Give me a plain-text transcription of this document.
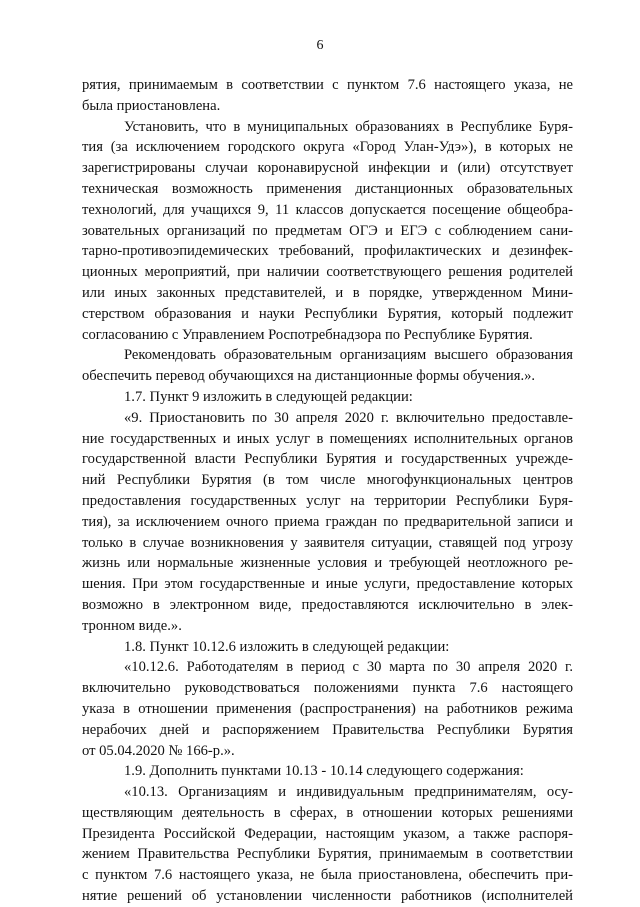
6
рятия, принимаемым в соответствии с пунктом 7.6 настоящего указа, не
была приостановлена.
Установить, что в муниципальных образованиях в Республике Буря-
тия (за исключением городского округа «Город Улан-Удэ»), в которых не
зарегистрированы случаи коронавирусной инфекции и (или) отсутствует
техническая возможность применения дистанционных образовательных
технологий, для учащихся 9, 11 классов допускается посещение общеобра-
зовательных организаций по предметам ОГЭ и ЕГЭ с соблюдением сани-
тарно-противоэпидемических требований, профилактических и дезинфек-
ционных мероприятий, при наличии соответствующего решения родителей
или иных законных представителей, и в порядке, утвержденном Мини-
стерством образования и науки Республики Бурятия, который подлежит
согласованию с Управлением Роспотребнадзора по Республике Бурятия.
Рекомендовать образовательным организациям высшего образования
обеспечить перевод обучающихся на дистанционные формы обучения.».
1.7. Пункт 9 изложить в следующей редакции:
«9. Приостановить по 30 апреля 2020 г. включительно предоставле-
ние государственных и иных услуг в помещениях исполнительных органов
государственной власти Республики Бурятия и государственных учрежде-
ний Республики Бурятия (в том числе многофункциональных центров
предоставления государственных услуг на территории Республики Буря-
тия), за исключением очного приема граждан по предварительной записи и
только в случае возникновения у заявителя ситуации, ставящей под угрозу
жизнь или нормальные жизненные условия и требующей неотложного ре-
шения. При этом государственные и иные услуги, предоставление которых
возможно в электронном виде, предоставляются исключительно в элек-
тронном виде.».
1.8. Пункт 10.12.6 изложить в следующей редакции:
«10.12.6. Работодателям в период с 30 марта по 30 апреля 2020 г.
включительно руководствоваться положениями пункта 7.6 настоящего
указа в отношении применения (распространения) на работников режима
нерабочих дней и распоряжением Правительства Республики Бурятия
от 05.04.2020 № 166-р.».
1.9. Дополнить пунктами 10.13 - 10.14 следующего содержания:
«10.13. Организациям и индивидуальным предпринимателям, осу-
ществляющим деятельность в сферах, в отношении которых решениями
Президента Российской Федерации, настоящим указом, а также распоря-
жением Правительства Республики Бурятия, принимаемым в соответствии
с пунктом 7.6 настоящего указа, не была приостановлена, обеспечить при-
нятие решений об установлении численности работников (исполнителей
